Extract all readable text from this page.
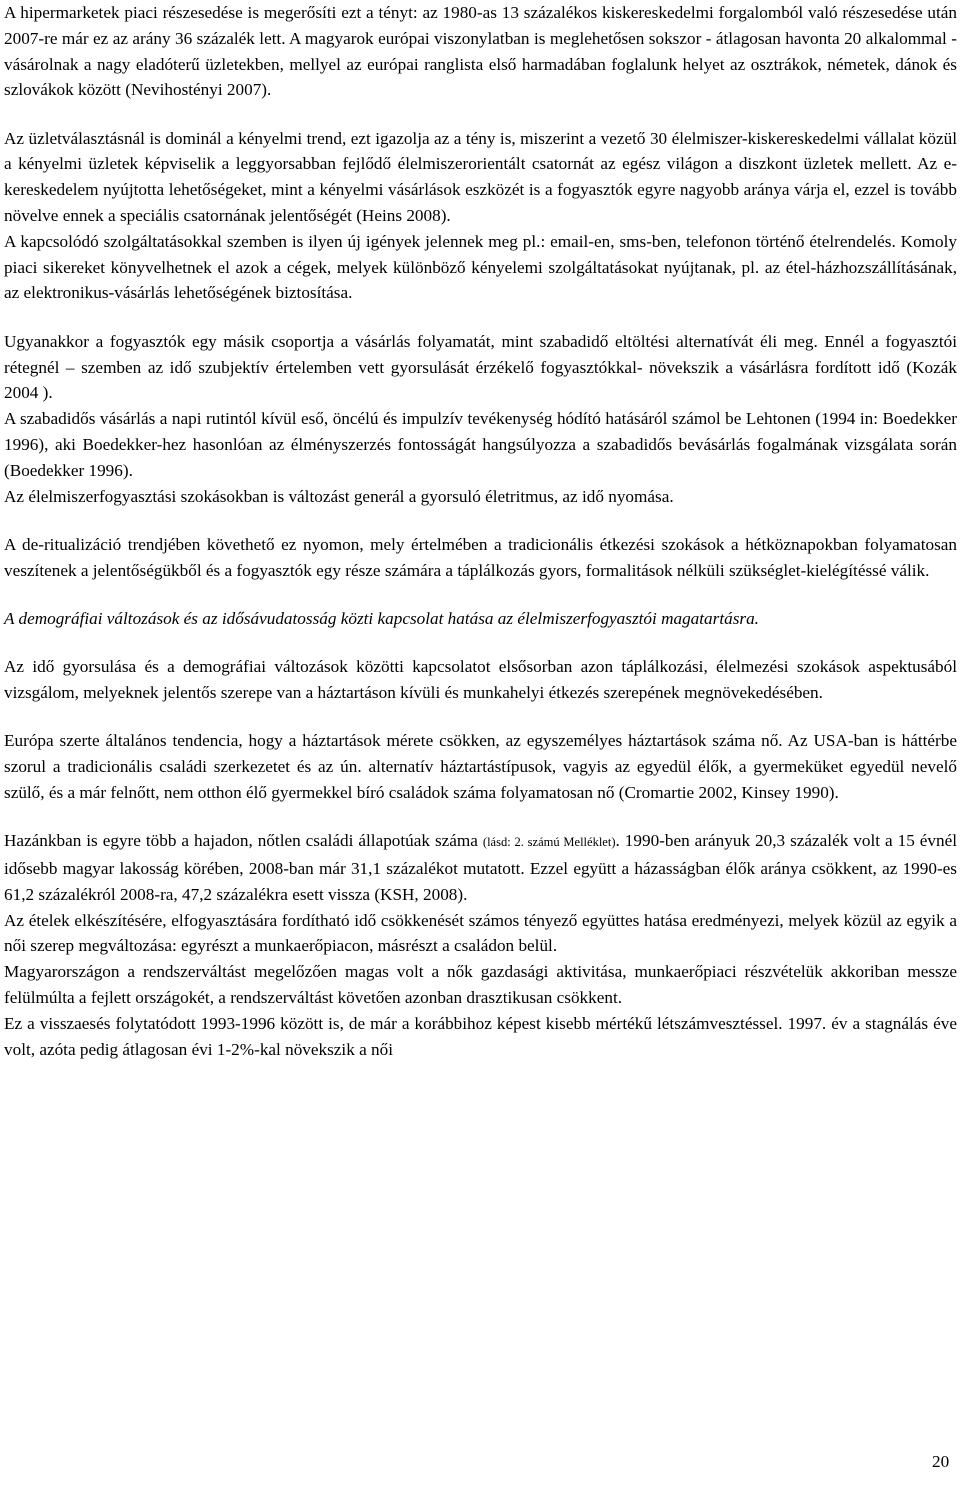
A hipermarketek piaci részesedése is megerősíti ezt a tényt: az 1980-as 13 százalékos kiskereskedelmi forgalomból való részesedése után 2007-re már ez az arány 36 százalék lett. A magyarok európai viszonylatban is meglehetősen sokszor - átlagosan havonta 20 alkalommal - vásárolnak a nagy eladóterű üzletekben, mellyel az európai ranglista első harmadában foglalunk helyet az osztrákok, németek, dánok és szlovákok között (Nevihostényi 2007).

Az üzletválasztásnál is dominál a kényelmi trend, ezt igazolja az a tény is, miszerint a vezető 30 élelmiszer-kiskereskedelmi vállalat közül a kényelmi üzletek képviselik a leggyorsabban fejlődő élelmiszerorientált csatornát az egész világon a diszkont üzletek mellett. Az e-kereskedelem nyújtotta lehetőségeket, mint a kényelmi vásárlások eszközét is a fogyasztók egyre nagyobb aránya várja el, ezzel is tovább növelve ennek a speciális csatornának jelentőségét (Heins 2008).

A kapcsolódó szolgáltatásokkal szemben is ilyen új igények jelennek meg pl.: email-en, sms-ben, telefonon történő ételrendelés. Komoly piaci sikereket könyvelhetnek el azok a cégek, melyek különböző kényelemi szolgáltatásokat nyújtanak, pl. az étel-házhozszállításának, az elektronikus-vásárlás lehetőségének biztosítása.

Ugyanakkor a fogyasztók egy másik csoportja a vásárlás folyamatát, mint szabadidő eltöltési alternatívát éli meg. Ennél a fogyasztói rétegnél – szemben az idő szubjektív értelemben vett gyorsulását érzékelő fogyasztókkal- növekszik a vásárlásra fordított idő (Kozák 2004 ).

A szabadidős vásárlás a napi rutintól kívül eső, öncélú és impulzív tevékenység hódító hatásáról számol be Lehtonen (1994 in: Boedekker 1996), aki Boedekker-hez hasonlóan az élményszerzés fontosságát hangsúlyozza a szabadidős bevásárlás fogalmának vizsgálata során (Boedekker 1996).

Az élelmiszerfogyasztási szokásokban is változást generál a gyorsuló életritmus, az idő nyomása.

A de-ritualizáció trendjében követhető ez nyomon, mely értelmében a tradicionális étkezési szokások a hétköznapokban folyamatosan veszítenek a jelentőségükből és a fogyasztók egy része számára a táplálkozás gyors, formalitások nélküli szükséglet-kielégítéssé válik.

A demográfiai változások és az idősávudatosság közti kapcsolat hatása az élelmiszerfogyasztói magatartásra.

Az idő gyorsulása és a demográfiai változások közötti kapcsolatot elsősorban azon táplálkozási, élelmezési szokások aspektusából vizsgálom, melyeknek jelentős szerepe van a háztartáson kívüli és munkahelyi étkezés szerepének megnövekedésében.

Európa szerte általános tendencia, hogy a háztartások mérete csökken, az egyszemélyes háztartások száma nő. Az USA-ban is háttérbe szorul a tradicionális családi szerkezetet és az ún. alternatív háztartástípusok, vagyis az egyedül élők, a gyermeküket egyedül nevelő szülő, és a már felnőtt, nem otthon élő gyermekkel bíró családok száma folyamatosan nő (Cromartie 2002, Kinsey 1990).

Hazánkban is egyre több a hajadon, nőtlen családi állapotúak száma (lásd: 2. számú Melléklet). 1990-ben arányuk 20,3 százalék volt a 15 évnél idősebb magyar lakosság körében, 2008-ban már 31,1 százalékot mutatott. Ezzel együtt a házasságban élők aránya csökkent, az 1990-es 61,2 százalékról 2008-ra, 47,2 százalékra esett vissza (KSH, 2008).

Az ételek elkészítésére, elfogyasztására fordítható idő csökkenését számos tényező együttes hatása eredményezi, melyek közül az egyik a női szerep megváltozása: egyrészt a munkaerőpiacon, másrészt a családon belül.

Magyarországon a rendszerváltást megelőzően magas volt a nők gazdasági aktivitása, munkaerőpiaci részvételük akkoriban messze felülmúlta a fejlett országokét, a rendszerváltást követően azonban drasztikusan csökkent.

Ez a visszaesés folytatódott 1993-1996 között is, de már a korábbihoz képest kisebb mértékű létszámvesztéssel. 1997. év a stagnálás éve volt, azóta pedig átlagosan évi 1-2%-kal növekszik a női

20
